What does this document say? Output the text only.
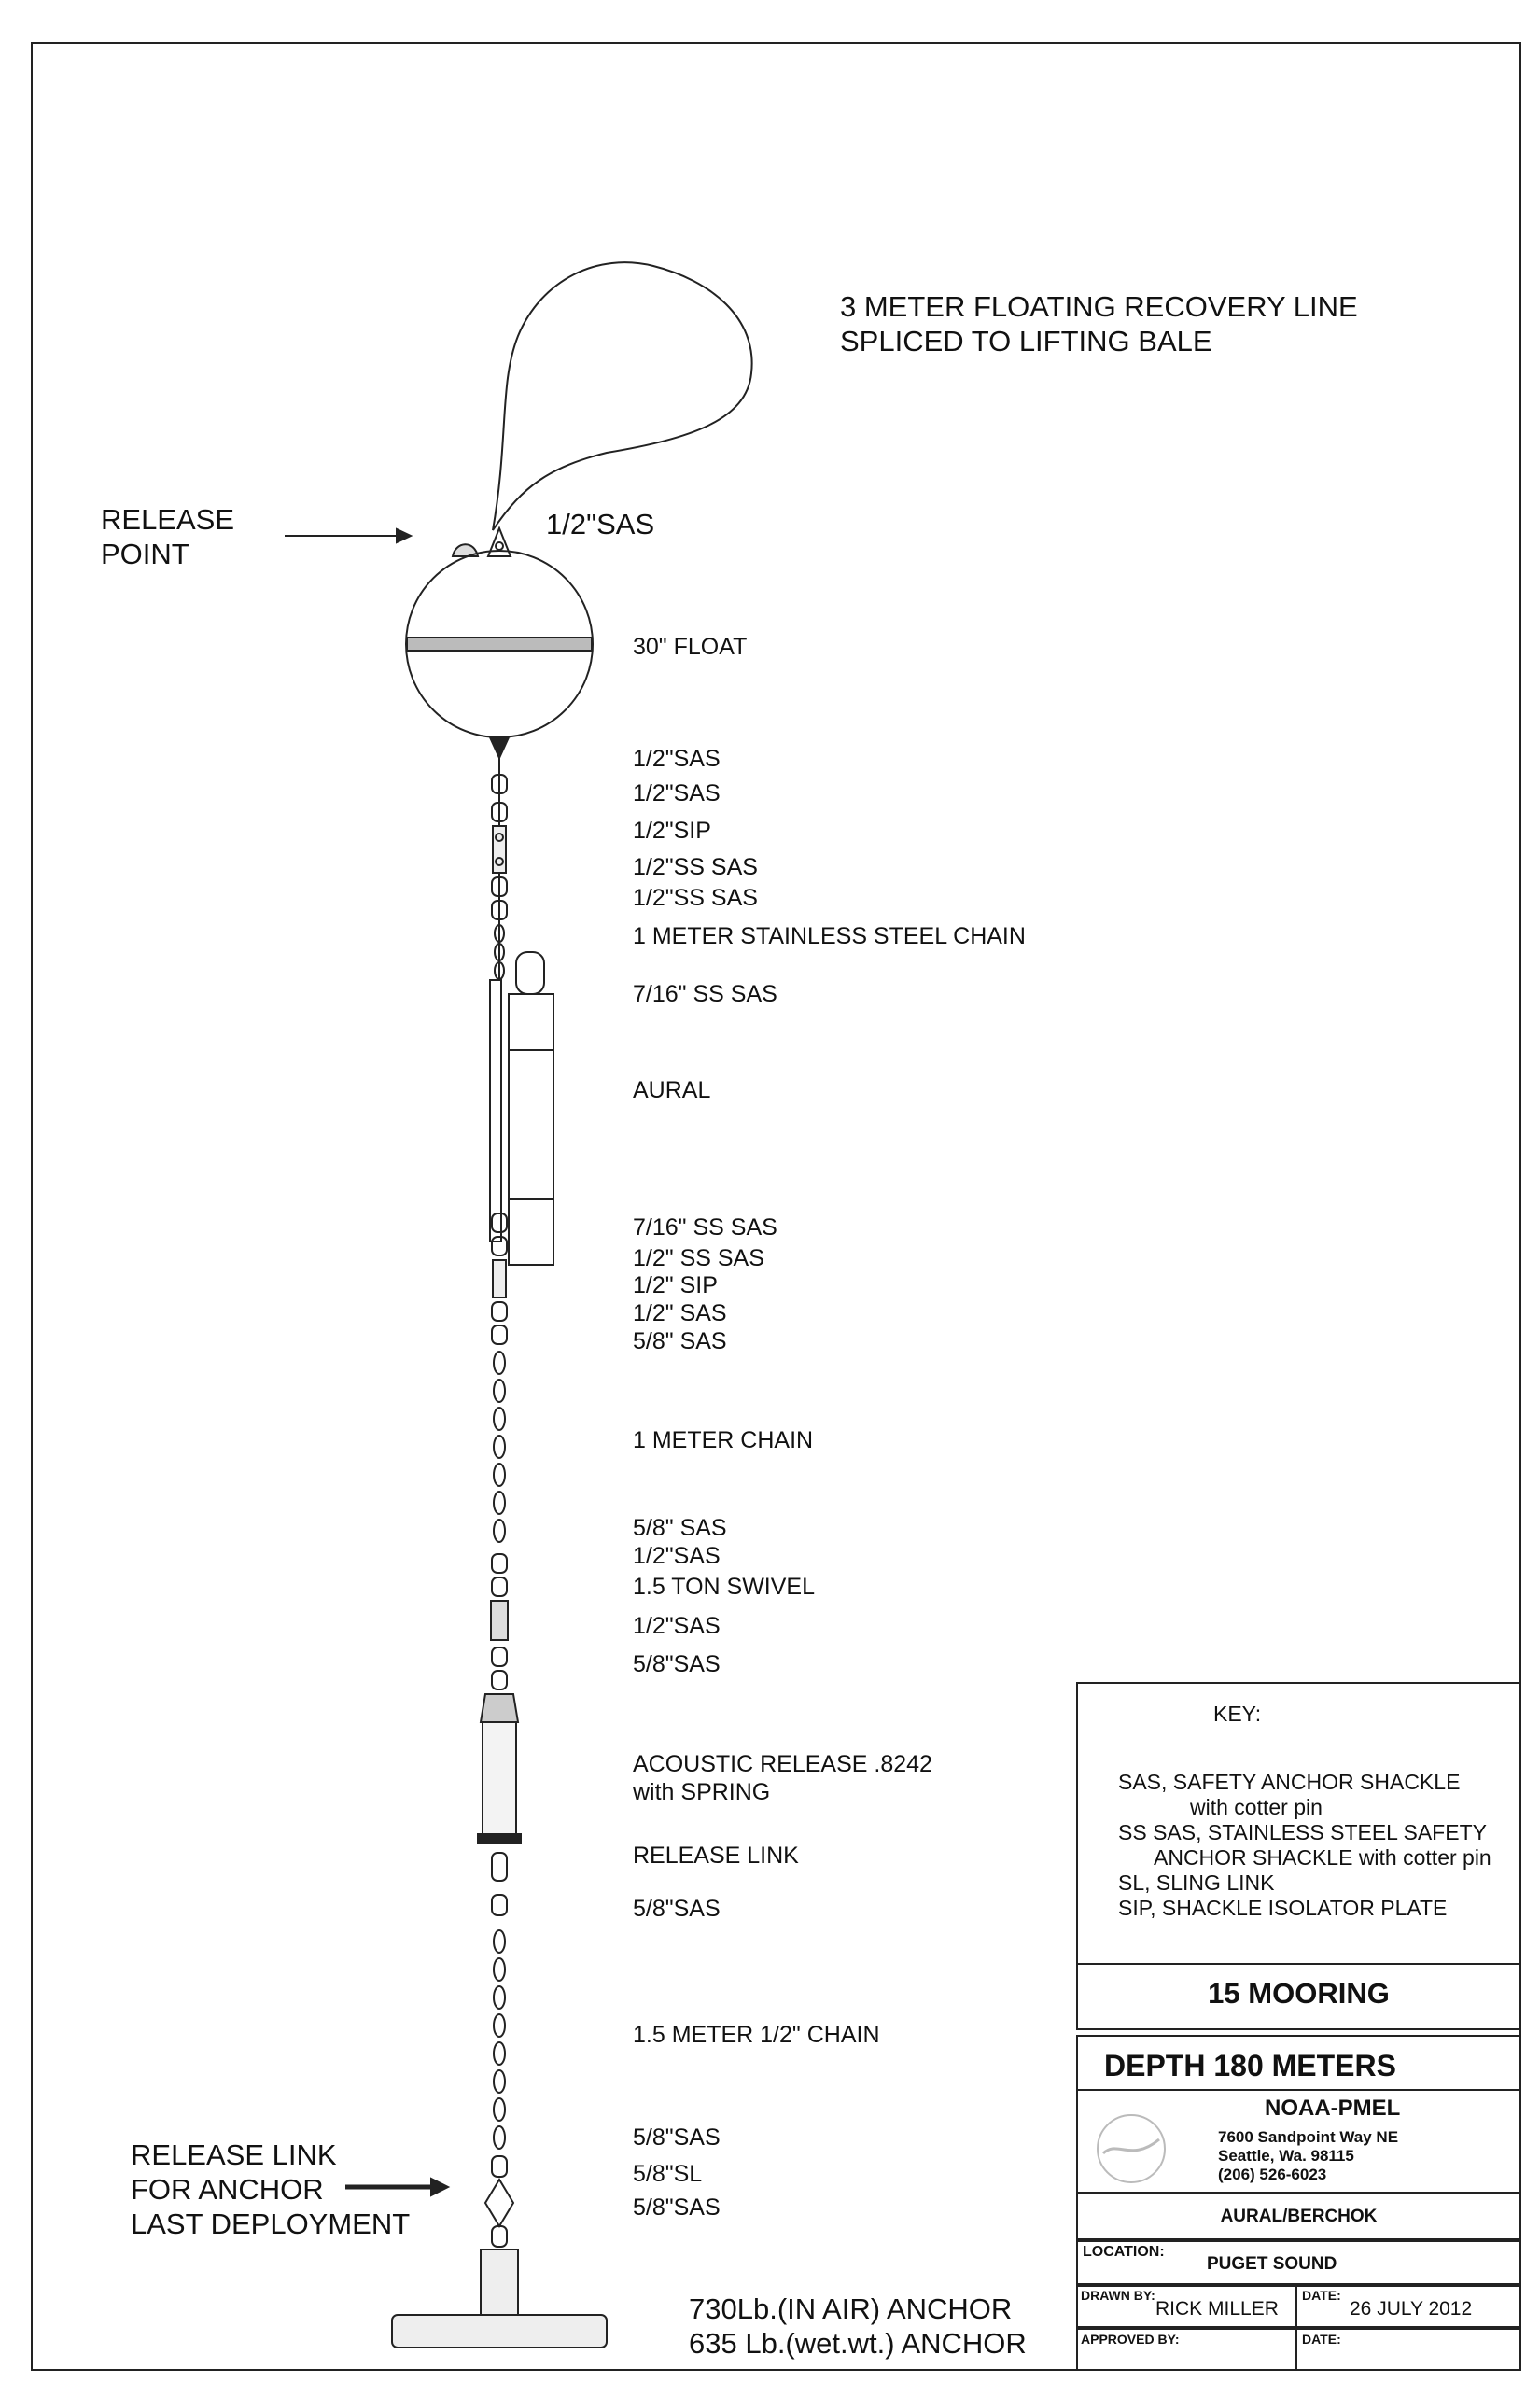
3 METER FLOATING RECOVERY LINE
SPLICED TO LIFTING BALE
RELEASE
POINT
1/2"SAS
30" FLOAT
1/2"SAS
1/2"SAS
1/2"SIP
1/2"SS SAS
1/2"SS SAS
1 METER STAINLESS STEEL CHAIN
7/16" SS SAS
AURAL
7/16" SS SAS
1/2" SS SAS
1/2" SIP
1/2" SAS
5/8" SAS
1 METER CHAIN
5/8" SAS
1/2"SAS
1.5 TON SWIVEL
1/2"SAS
5/8"SAS
ACOUSTIC RELEASE .8242
with SPRING
RELEASE LINK
5/8"SAS
1.5 METER 1/2" CHAIN
5/8"SAS
5/8"SL
5/8"SAS
RELEASE LINK
FOR ANCHOR
LAST DEPLOYMENT
730Lb.(IN AIR) ANCHOR
635 Lb.(wet.wt.) ANCHOR
KEY:
SAS, SAFETY ANCHOR SHACKLE
with cotter pin
SS SAS, STAINLESS STEEL SAFETY
ANCHOR SHACKLE with cotter pin
SL, SLING LINK
SIP, SHACKLE ISOLATOR PLATE
15 MOORING
DEPTH 180 METERS
NOAA-PMEL
7600 Sandpoint Way NE
Seattle, Wa. 98115
(206) 526-6023
AURAL/BERCHOK
LOCATION:
PUGET SOUND
DRAWN BY:
RICK MILLER
DATE:
26 JULY 2012
APPROVED BY:	DATE:
